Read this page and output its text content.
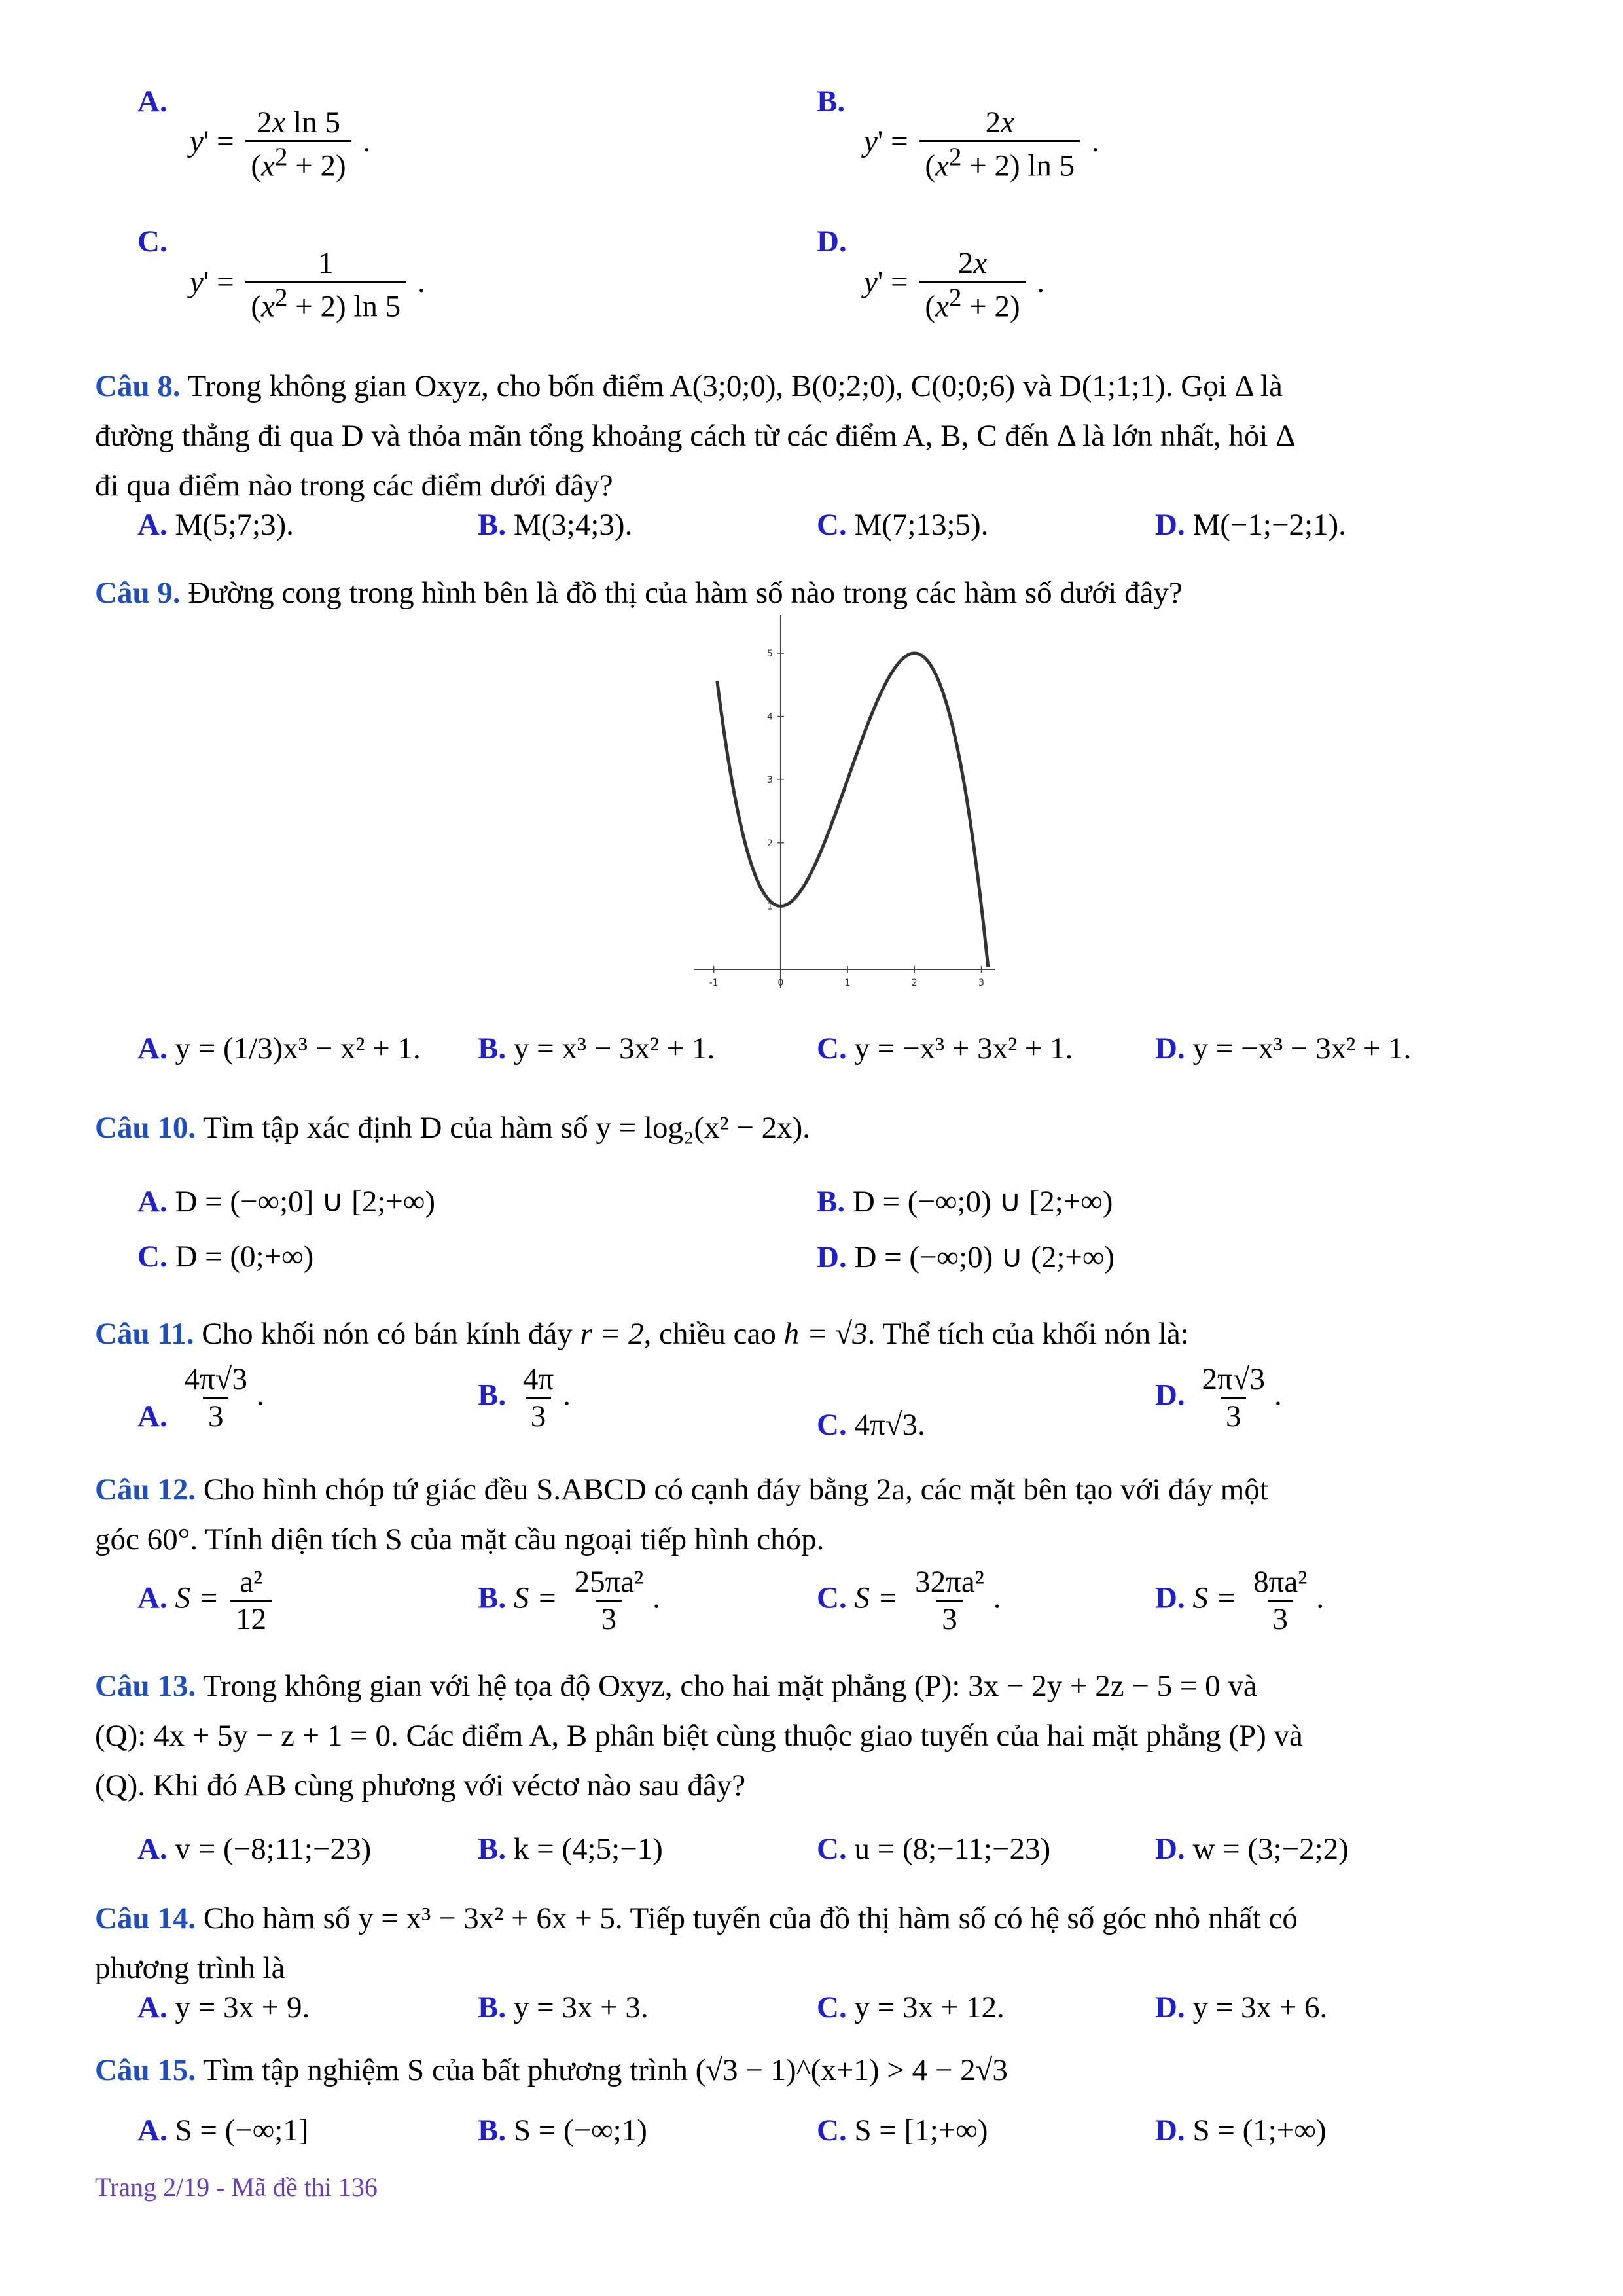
A.
$y' = \frac{\text{2x ln 5}}{(x^2 + 2)}$ .
B.
$y' = \frac{2x}{(x^2 + 2) \ln 5}$ .
C.
$y' = \frac{1}{(x^2 + 2) \ln 5}$ .
D.
$y' = \frac{2x}{(x^2 + 2)}$ .
Câu 8. Trong không gian Oxyz, cho bốn điểm A(3;0;0), B(0;2;0), C(0;0;6) và D(1;1;1). Gọi Δ là
đường thẳng đi qua D và thỏa mãn tổng khoảng cách từ các điểm A, B, C đến Δ là lớn nhất, hỏi Δ
đi qua điểm nào trong các điểm dưới đây?
A. M(5;7;3).	B. M(3;4;3).	C. M(7;13;5).	D. M(−1;−2;1).
Câu 9. Đường cong trong hình bên là đồ thị của hàm số nào trong các hàm số dưới đây?
-1	0	1	2	3
1
2
3
4
5
A. y = (1/3)x³ − x² + 1. B. y = x³ − 3x² + 1.	C. y = −x³ + 3x² + 1.	D. y = −x³ − 3x² + 1.
Câu 10. Tìm tập xác định D của hàm số y = log₂(x² − 2x).
A. D = (−∞;0] ∪ [2;+∞)	B. D = (−∞;0) ∪ [2;+∞)
C. D = (0;+∞)	D. D = (−∞;0) ∪ (2;+∞)
Câu 11. Cho khối nón có bán kính đáy r = 2, chiều cao h = √3. Thể tích của khối nón là:
A. $\frac{4\pi√3}{3}$ .	B. $\frac{4\pi}{3}$ .
C. 4π√3.
D. $\frac{2\pi√3}{3}$ .
Câu 12. Cho hình chóp tứ giác đều S.ABCD có cạnh đáy bằng 2a, các mặt bên tạo với đáy một
góc 60°. Tính diện tích S của mặt cầu ngoại tiếp hình chóp.
A. $S = \frac{\text{a²}}{12}$	B. $S = \frac{\text{25πa²}}{3}$ .	C. $S = \frac{\text{32πa²}}{3}$ .	D. $S = \frac{\text{8πa²}}{3}$ .
Câu 13. Trong không gian với hệ tọa độ Oxyz, cho hai mặt phẳng (P): 3x − 2y + 2z − 5 = 0 và
(Q): 4x + 5y − z + 1 = 0. Các điểm A, B phân biệt cùng thuộc giao tuyến của hai mặt phẳng (P) và
(Q). Khi đó AB cùng phương với véctơ nào sau đây?
A. v = (−8;11;−23)	B. k = (4;5;−1)	C. u = (8;−11;−23)	D. w = (3;−2;2)
Câu 14. Cho hàm số y = x³ − 3x² + 6x + 5. Tiếp tuyến của đồ thị hàm số có hệ số góc nhỏ nhất có
phương trình là
A. y = 3x + 9.	B. y = 3x + 3.	C. y = 3x + 12.	D. y = 3x + 6.
Câu 15. Tìm tập nghiệm S của bất phương trình (√3 − 1)^(x+1) > 4 − 2√3
A. S = (−∞;1]	B. S = (−∞;1)	C. S = [1;+∞)	D. S = (1;+∞)
Trang 2/19 - Mã đề thi 136
